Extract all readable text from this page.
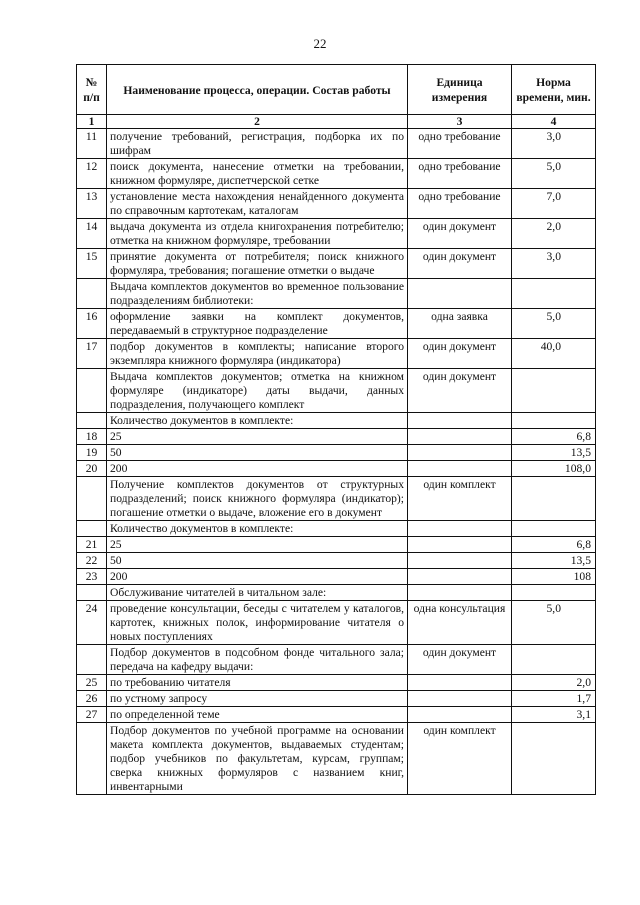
22
№ п/п	Наименование процесса, операции. Состав работы	Единица измерения	Норма времени, мин.
1	2	3	4
11	получение требований, регистрация, подборка их по шифрам	одно требование	3,0
12	поиск документа, нанесение отметки на требовании, книжном формуляре, диспетчерской сетке	одно требование	5,0
13	установление места нахождения ненайденного документа по справочным картотекам, каталогам	одно требование	7,0
14	выдача документа из отдела книгохранения потребителю; отметка на книжном формуляре, требовании	один документ	2,0
15	принятие документа от потребителя; поиск книжного формуляра, требования; погашение отметки о выдаче	один документ	3,0
	Выдача комплектов документов во временное пользование подразделениям библиотеки:		
16	оформление заявки на комплект документов, передаваемый в структурное подразделение	одна заявка	5,0
17	подбор документов в комплекты; написание второго экземпляра книжного формуляра (индикатора)	один документ	40,0
	Выдача комплектов документов; отметка на книжном формуляре (индикаторе) даты выдачи, данных подразделения, получающего комплект	один документ	
	Количество документов в комплекте:		
18	25		6,8
19	50		13,5
20	200		108,0
	Получение комплектов документов от структурных подразделений; поиск книжного формуляра (индикатор); погашение отметки о выдаче, вложение его в документ	один комплект	
	Количество документов в комплекте:		
21	25		6,8
22	50		13,5
23	200		108
	Обслуживание читателей в читальном зале:		
24	проведение консультации, беседы с читателем у каталогов, картотек, книжных полок, информирование читателя о новых поступлениях	одна консультация	5,0
	Подбор документов в подсобном фонде читального зала; передача на кафедру выдачи:	один документ	
25	по требованию читателя		2,0
26	по устному запросу		1,7
27	по определенной теме		3,1
	Подбор документов по учебной программе на основании макета комплекта документов, выдаваемых студентам; подбор учебников по факультетам, курсам, группам; сверка книжных формуляров с названием книг, инвентарными	один комплект	
